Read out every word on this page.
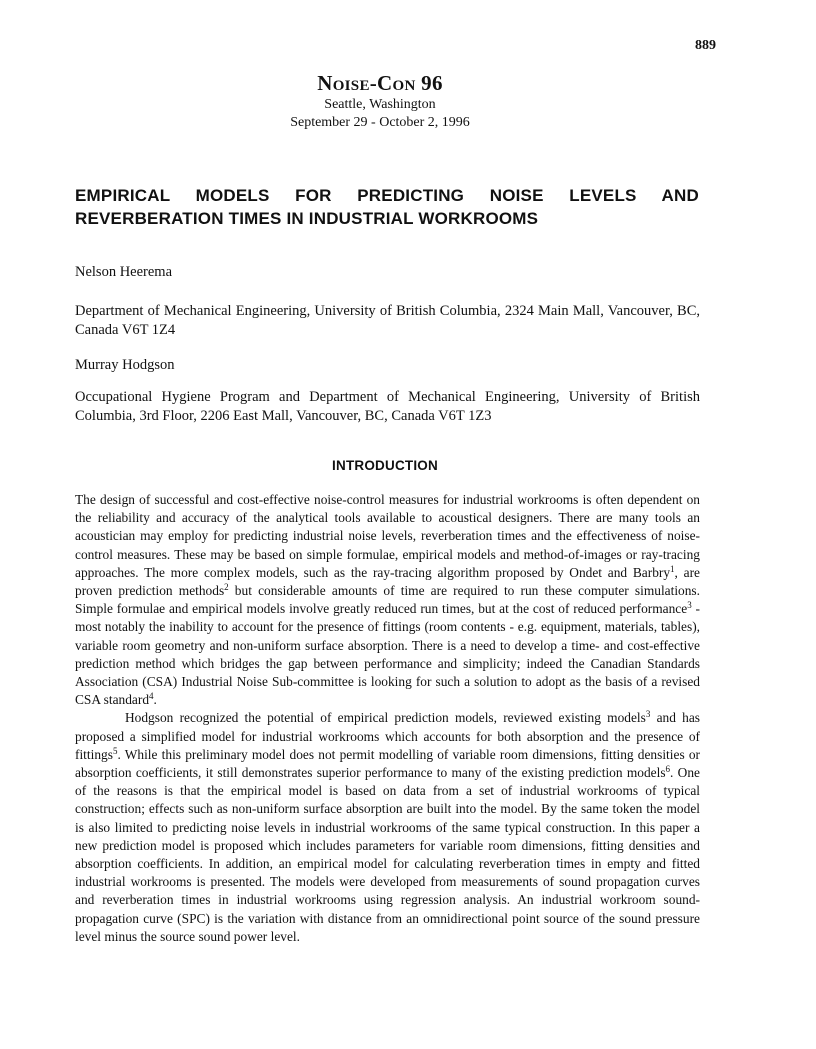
889
Noise-Con 96
Seattle, Washington
September 29 - October 2, 1996
EMPIRICAL MODELS FOR PREDICTING NOISE LEVELS AND
REVERBERATION TIMES IN INDUSTRIAL WORKROOMS
Nelson Heerema
Department of Mechanical Engineering, University of British Columbia, 2324 Main Mall, Vancouver, BC, Canada V6T 1Z4
Murray Hodgson
Occupational Hygiene Program and Department of Mechanical Engineering, University of British Columbia, 3rd Floor, 2206 East Mall, Vancouver, BC, Canada V6T 1Z3
INTRODUCTION

The design of successful and cost-effective noise-control measures for industrial workrooms is often dependent on the reliability and accuracy of the analytical tools available to acoustical designers. There are many tools an acoustician may employ for predicting industrial noise levels, reverberation times and the effectiveness of noise-control measures. These may be based on simple formulae, empirical models and method-of-images or ray-tracing approaches. The more complex models, such as the ray-tracing algorithm proposed by Ondet and Barbry$^1$, are proven prediction methods$^2$ but considerable amounts of time are required to run these computer simulations. Simple formulae and empirical models involve greatly reduced run times, but at the cost of reduced performance$^3$ - most notably the inability to account for the presence of fittings (room contents - e.g. equipment, materials, tables), variable room geometry and non-uniform surface absorption. There is a need to develop a time- and cost-effective prediction method which bridges the gap between performance and simplicity; indeed the Canadian Standards Association (CSA) Industrial Noise Sub-committee is looking for such a solution to adopt as the basis of a revised CSA standard$^4$.

Hodgson recognized the potential of empirical prediction models, reviewed existing models$^3$ and has proposed a simplified model for industrial workrooms which accounts for both absorption and the presence of fittings$^5$. While this preliminary model does not permit modelling of variable room dimensions, fitting densities or absorption coefficients, it still demonstrates superior performance to many of the existing prediction models$^6$. One of the reasons is that the empirical model is based on data from a set of industrial workrooms of typical construction; effects such as non-uniform surface absorption are built into the model. By the same token the model is also limited to predicting noise levels in industrial workrooms of the same typical construction. In this paper a new prediction model is proposed which includes parameters for variable room dimensions, fitting densities and absorption coefficients. In addition, an empirical model for calculating reverberation times in empty and fitted industrial workrooms is presented. The models were developed from measurements of sound propagation curves and reverberation times in industrial workrooms using regression analysis. An industrial workroom sound-propagation curve (SPC) is the variation with distance from an omnidirectional point source of the sound pressure level minus the source sound power level.
